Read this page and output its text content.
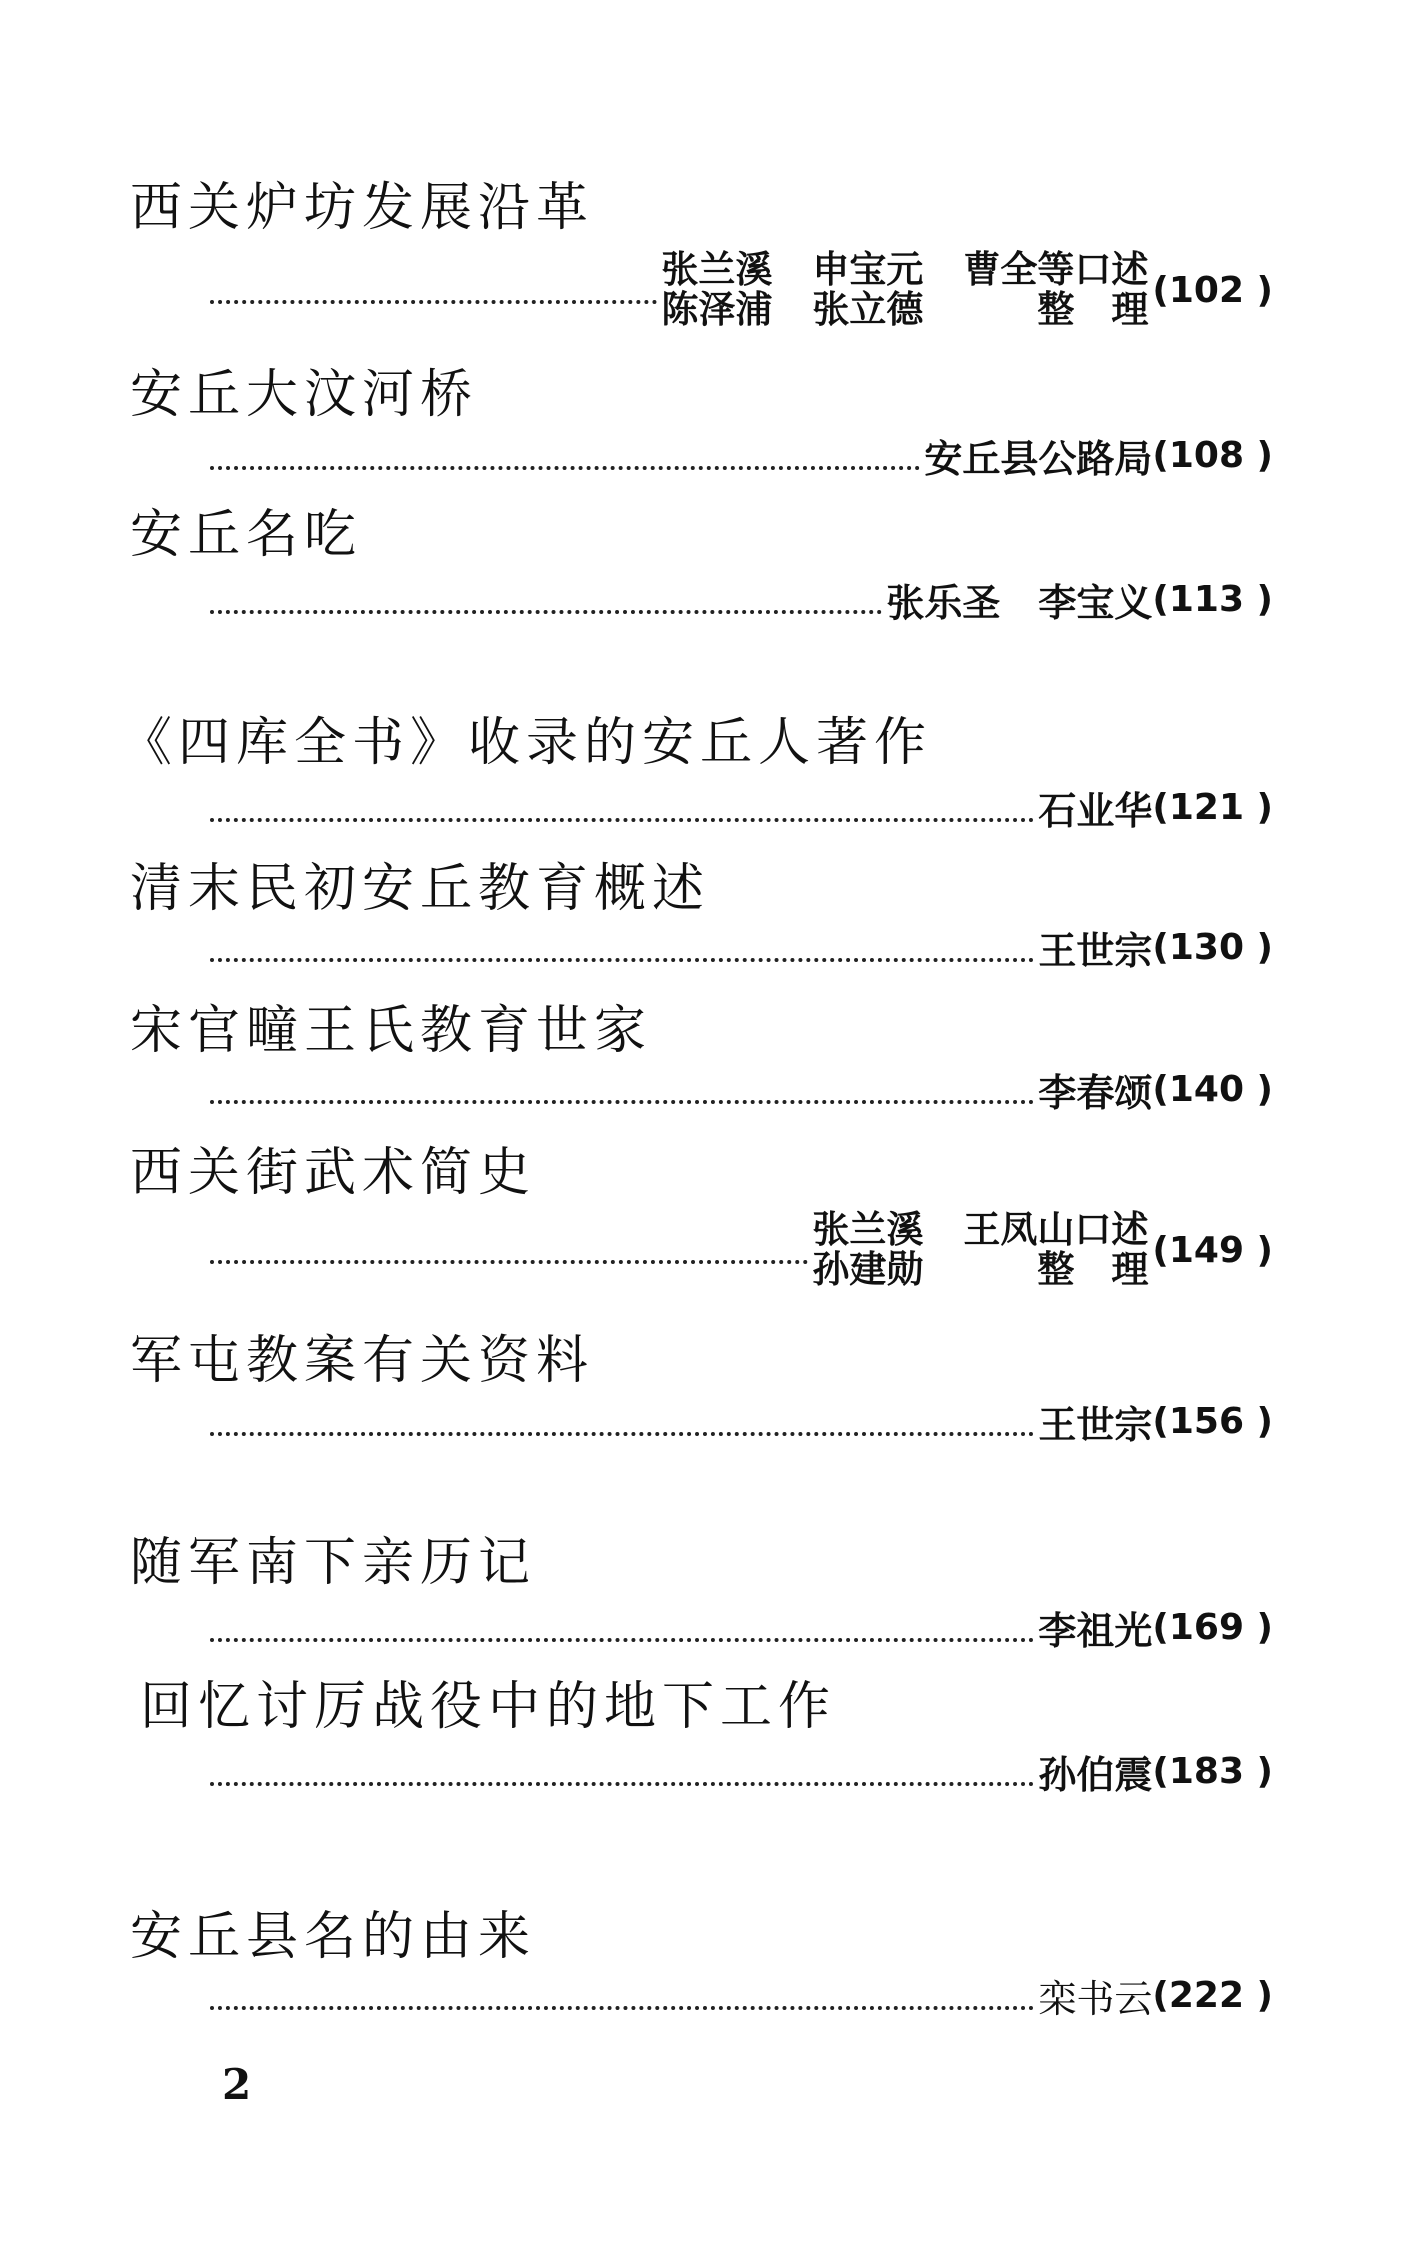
西关炉坊发展沿革
张兰溪 申宝元 曹全等口述
陈泽浦 张立德	整　理 (102 )
安丘大汶河桥
安丘县公路局 (108 )
安丘名吃
张乐圣　李宝义 (113 )
《四库全书》收录的安丘人著作
石业华 (121 )
清末民初安丘教育概述
王世宗 (130 )
宋官疃王氏教育世家
李春颂 (140 )
西关街武术简史
张兰溪 王凤山口述
孙建勋	整　理 (149 )
军屯教案有关资料
王世宗 (156 )
随军南下亲历记
李祖光 (169 )
回忆讨厉战役中的地下工作
孙伯震 (183 )
安丘县名的由来
栾书云 (222 )
2
